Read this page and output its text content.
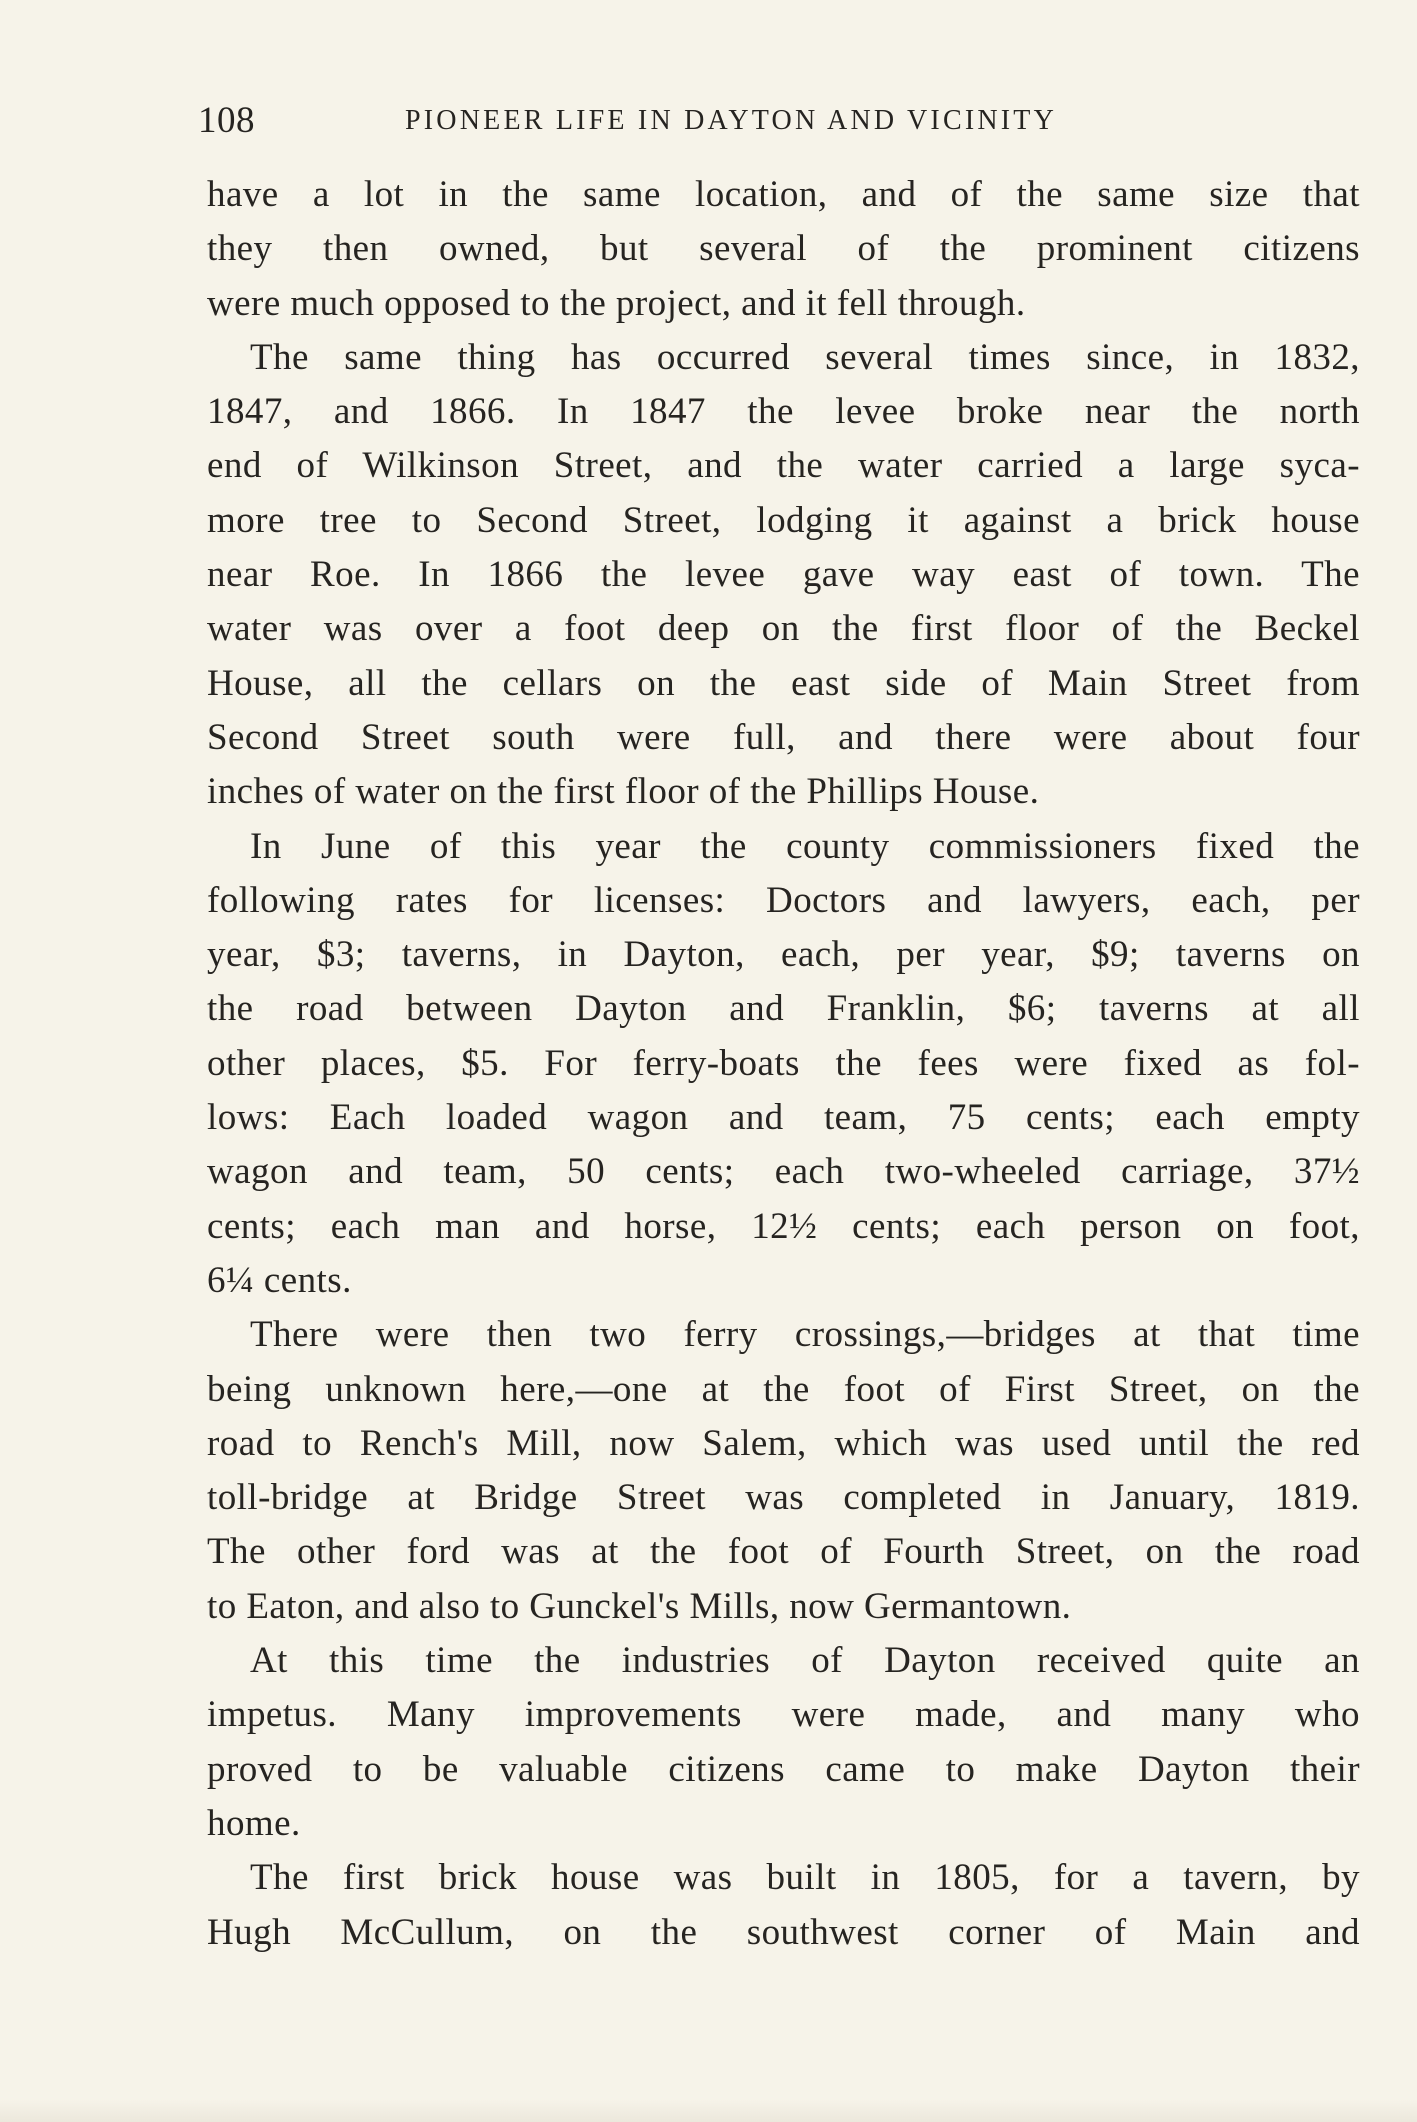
108	PIONEER LIFE IN DAYTON AND VICINITY
have a lot in the same location, and of the same size that
they then owned, but several of the prominent citizens
were much opposed to the project, and it fell through.
The same thing has occurred several times since, in 1832,
1847, and 1866. In 1847 the levee broke near the north
end of Wilkinson Street, and the water carried a large syca-
more tree to Second Street, lodging it against a brick house
near Roe. In 1866 the levee gave way east of town. The
water was over a foot deep on the first floor of the Beckel
House, all the cellars on the east side of Main Street from
Second Street south were full, and there were about four
inches of water on the first floor of the Phillips House.
In June of this year the county commissioners fixed the
following rates for licenses: Doctors and lawyers, each, per
year, $3; taverns, in Dayton, each, per year, $9; taverns on
the road between Dayton and Franklin, $6; taverns at all
other places, $5. For ferry-boats the fees were fixed as fol-
lows: Each loaded wagon and team, 75 cents; each empty
wagon and team, 50 cents; each two-wheeled carriage, 37½
cents; each man and horse, 12½ cents; each person on foot,
6¼ cents.
There were then two ferry crossings,—bridges at that time
being unknown here,—one at the foot of First Street, on the
road to Rench's Mill, now Salem, which was used until the red
toll-bridge at Bridge Street was completed in January, 1819.
The other ford was at the foot of Fourth Street, on the road
to Eaton, and also to Gunckel's Mills, now Germantown.
At this time the industries of Dayton received quite an
impetus. Many improvements were made, and many who
proved to be valuable citizens came to make Dayton their
home.
The first brick house was built in 1805, for a tavern, by
Hugh McCullum, on the southwest corner of Main and
